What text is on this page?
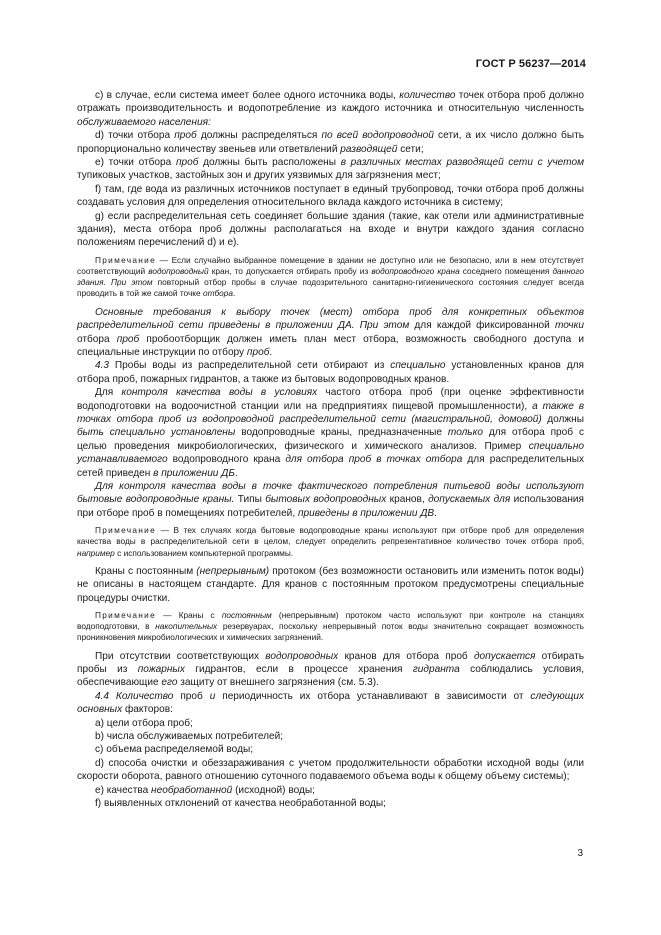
ГОСТ Р 56237—2014

c) в случае, если система имеет более одного источника воды, количество точек отбора проб должно отражать производительность и водопотребление из каждого источника и относительную численность обслуживаемого населения:

d) точки отбора проб должны распределяться по всей водопроводной сети, а их число должно быть пропорционально количеству звеньев или ответвлений разводящей сети;

e) точки отбора проб должны быть расположены в различных местах разводящей сети с учетом тупиковых участков, застойных зон и других уязвимых для загрязнения мест;

f) там, где вода из различных источников поступает в единый трубопровод, точки отбора проб должны создавать условия для определения относительного вклада каждого источника в систему;

g) если распределительная сеть соединяет большие здания (такие, как отели или административные здания), места отбора проб должны располагаться на входе и внутри каждого здания согласно положениям перечислений d) и e).

Примечание — Если случайно выбранное помещение в здании не доступно или не безопасно, или в нем отсутствует соответствующий водопроводный кран, то допускается отбирать пробу из водопроводного крана соседнего помещения данного здания. При этом повторный отбор пробы в случае подозрительного санитарно-гигиенического состояния следует всегда проводить в той же самой точке отбора.

Основные требования к выбору точек (мест) отбора проб для конкретных объектов распределительной сети приведены в приложении ДА. При этом для каждой фиксированной точки отбора проб пробоотборщик должен иметь план мест отбора, возможность свободного доступа и специальные инструкции по отбору проб.

4.3 Пробы воды из распределительной сети отбирают из специально установленных кранов для отбора проб, пожарных гидрантов, а также из бытовых водопроводных кранов.

Для контроля качества воды в условиях частого отбора проб (при оценке эффективности водоподготовки на водоочистной станции или на предприятиях пищевой промышленности), а также в точках отбора проб из водопроводной распределительной сети (магистральной, домовой) должны быть специально установлены водопроводные краны, предназначенные только для отбора проб с целью проведения микробиологических, физического и химического анализов. Пример специально устанавливаемого водопроводного крана для отбора проб в точках отбора для распределительных сетей приведен в приложении ДБ.

Для контроля качества воды в точке фактического потребления питьевой воды используют бытовые водопроводные краны. Типы бытовых водопроводных кранов, допускаемых для использования при отборе проб в помещениях потребителей, приведены в приложении ДВ.

Примечание — В тех случаях когда бытовые водопроводные краны используют при отборе проб для определения качества воды в распределительной сети в целом, следует определить репрезентативное количество точек отбора проб, например с использованием компьютерной программы.

Краны с постоянным (непрерывным) протоком (без возможности остановить или изменить поток воды) не описаны в настоящем стандарте. Для кранов с постоянным протоком предусмотрены специальные процедуры очистки.

Примечание — Краны с постоянным (непрерывным) протоком часто используют при контроле на станциях водоподготовки, в накопительных резервуарах, поскольку непрерывный поток воды значительно сокращает возможность проникновения микробиологических и химических загрязнений.

При отсутствии соответствующих водопроводных кранов для отбора проб допускается отбирать пробы из пожарных гидрантов, если в процессе хранения гидранта соблюдались условия, обеспечивающие его защиту от внешнего загрязнения (см. 5.3).

4.4 Количество проб и периодичность их отбора устанавливают в зависимости от следующих основных факторов:

a) цели отбора проб;

b) числа обслуживаемых потребителей;

c) объема распределяемой воды;

d) способа очистки и обеззараживания с учетом продолжительности обработки исходной воды (или скорости оборота, равного отношению суточного подаваемого объема воды к общему объему системы);

e) качества необработанной (исходной) воды;

f) выявленных отклонений от качества необработанной воды;

3
